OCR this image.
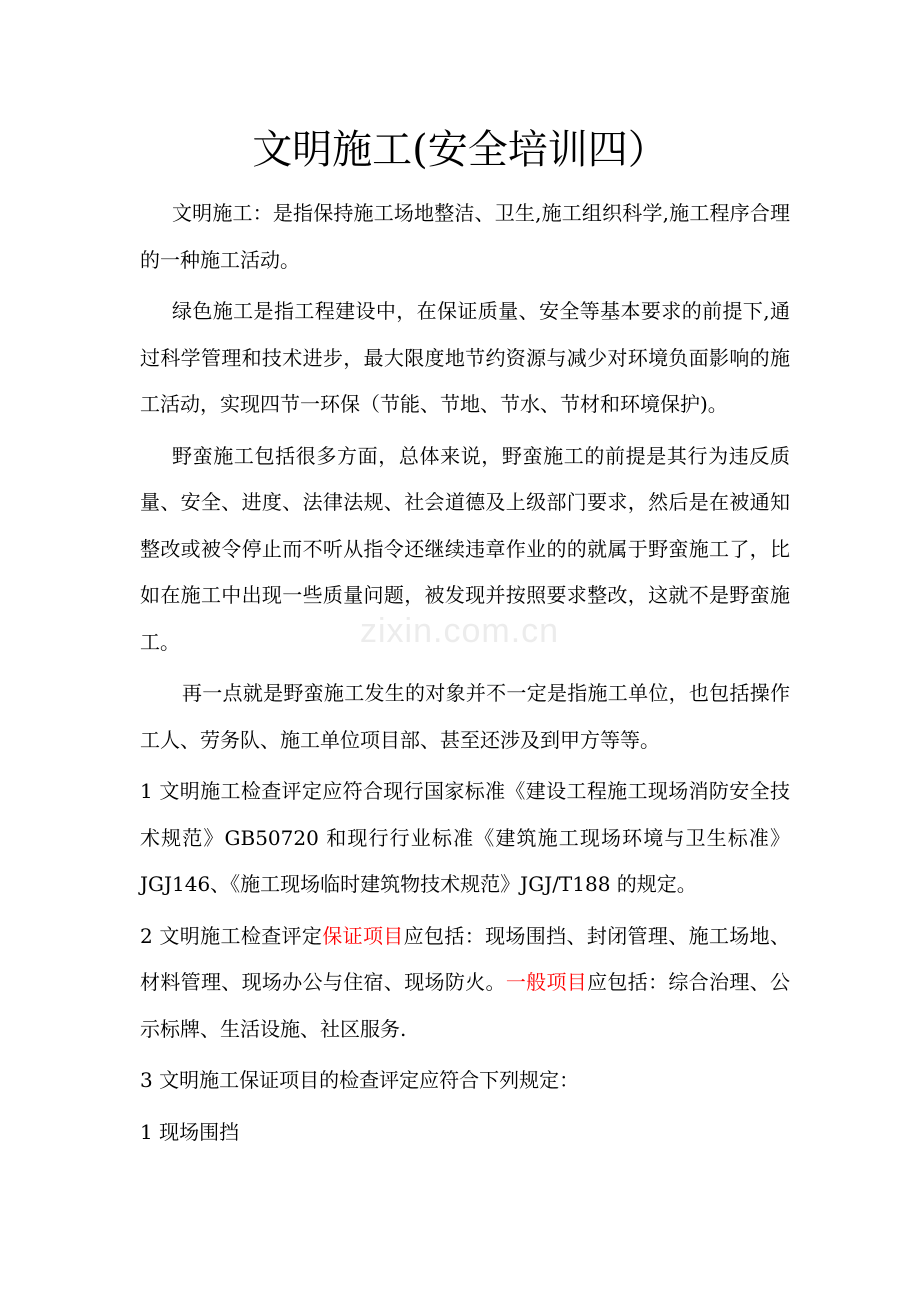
zixin.com.cn
文明施工(安全培训四）

文明施工：是指保持施工场地整洁、卫生,施工组织科学,施工程序合理的一种施工活动。

绿色施工是指工程建设中，在保证质量、安全等基本要求的前提下,通过科学管理和技术进步，最大限度地节约资源与减少对环境负面影响的施工活动，实现四节一环保（节能、节地、节水、节材和环境保护)。

野蛮施工包括很多方面，总体来说，野蛮施工的前提是其行为违反质量、安全、进度、法律法规、社会道德及上级部门要求，然后是在被通知整改或被令停止而不听从指令还继续违章作业的的就属于野蛮施工了，比如在施工中出现一些质量问题，被发现并按照要求整改，这就不是野蛮施工。

再一点就是野蛮施工发生的对象并不一定是指施工单位，也包括操作工人、劳务队、施工单位项目部、甚至还涉及到甲方等等。

1 文明施工检查评定应符合现行国家标准《建设工程施工现场消防安全技术规范》GB50720 和现行行业标准《建筑施工现场环境与卫生标准》JGJ146、《施工现场临时建筑物技术规范》JGJ/T188 的规定。

2 文明施工检查评定保证项目应包括：现场围挡、封闭管理、施工场地、材料管理、现场办公与住宿、现场防火。一般项目应包括：综合治理、公示标牌、生活设施、社区服务.

3 文明施工保证项目的检查评定应符合下列规定：

1 现场围挡
